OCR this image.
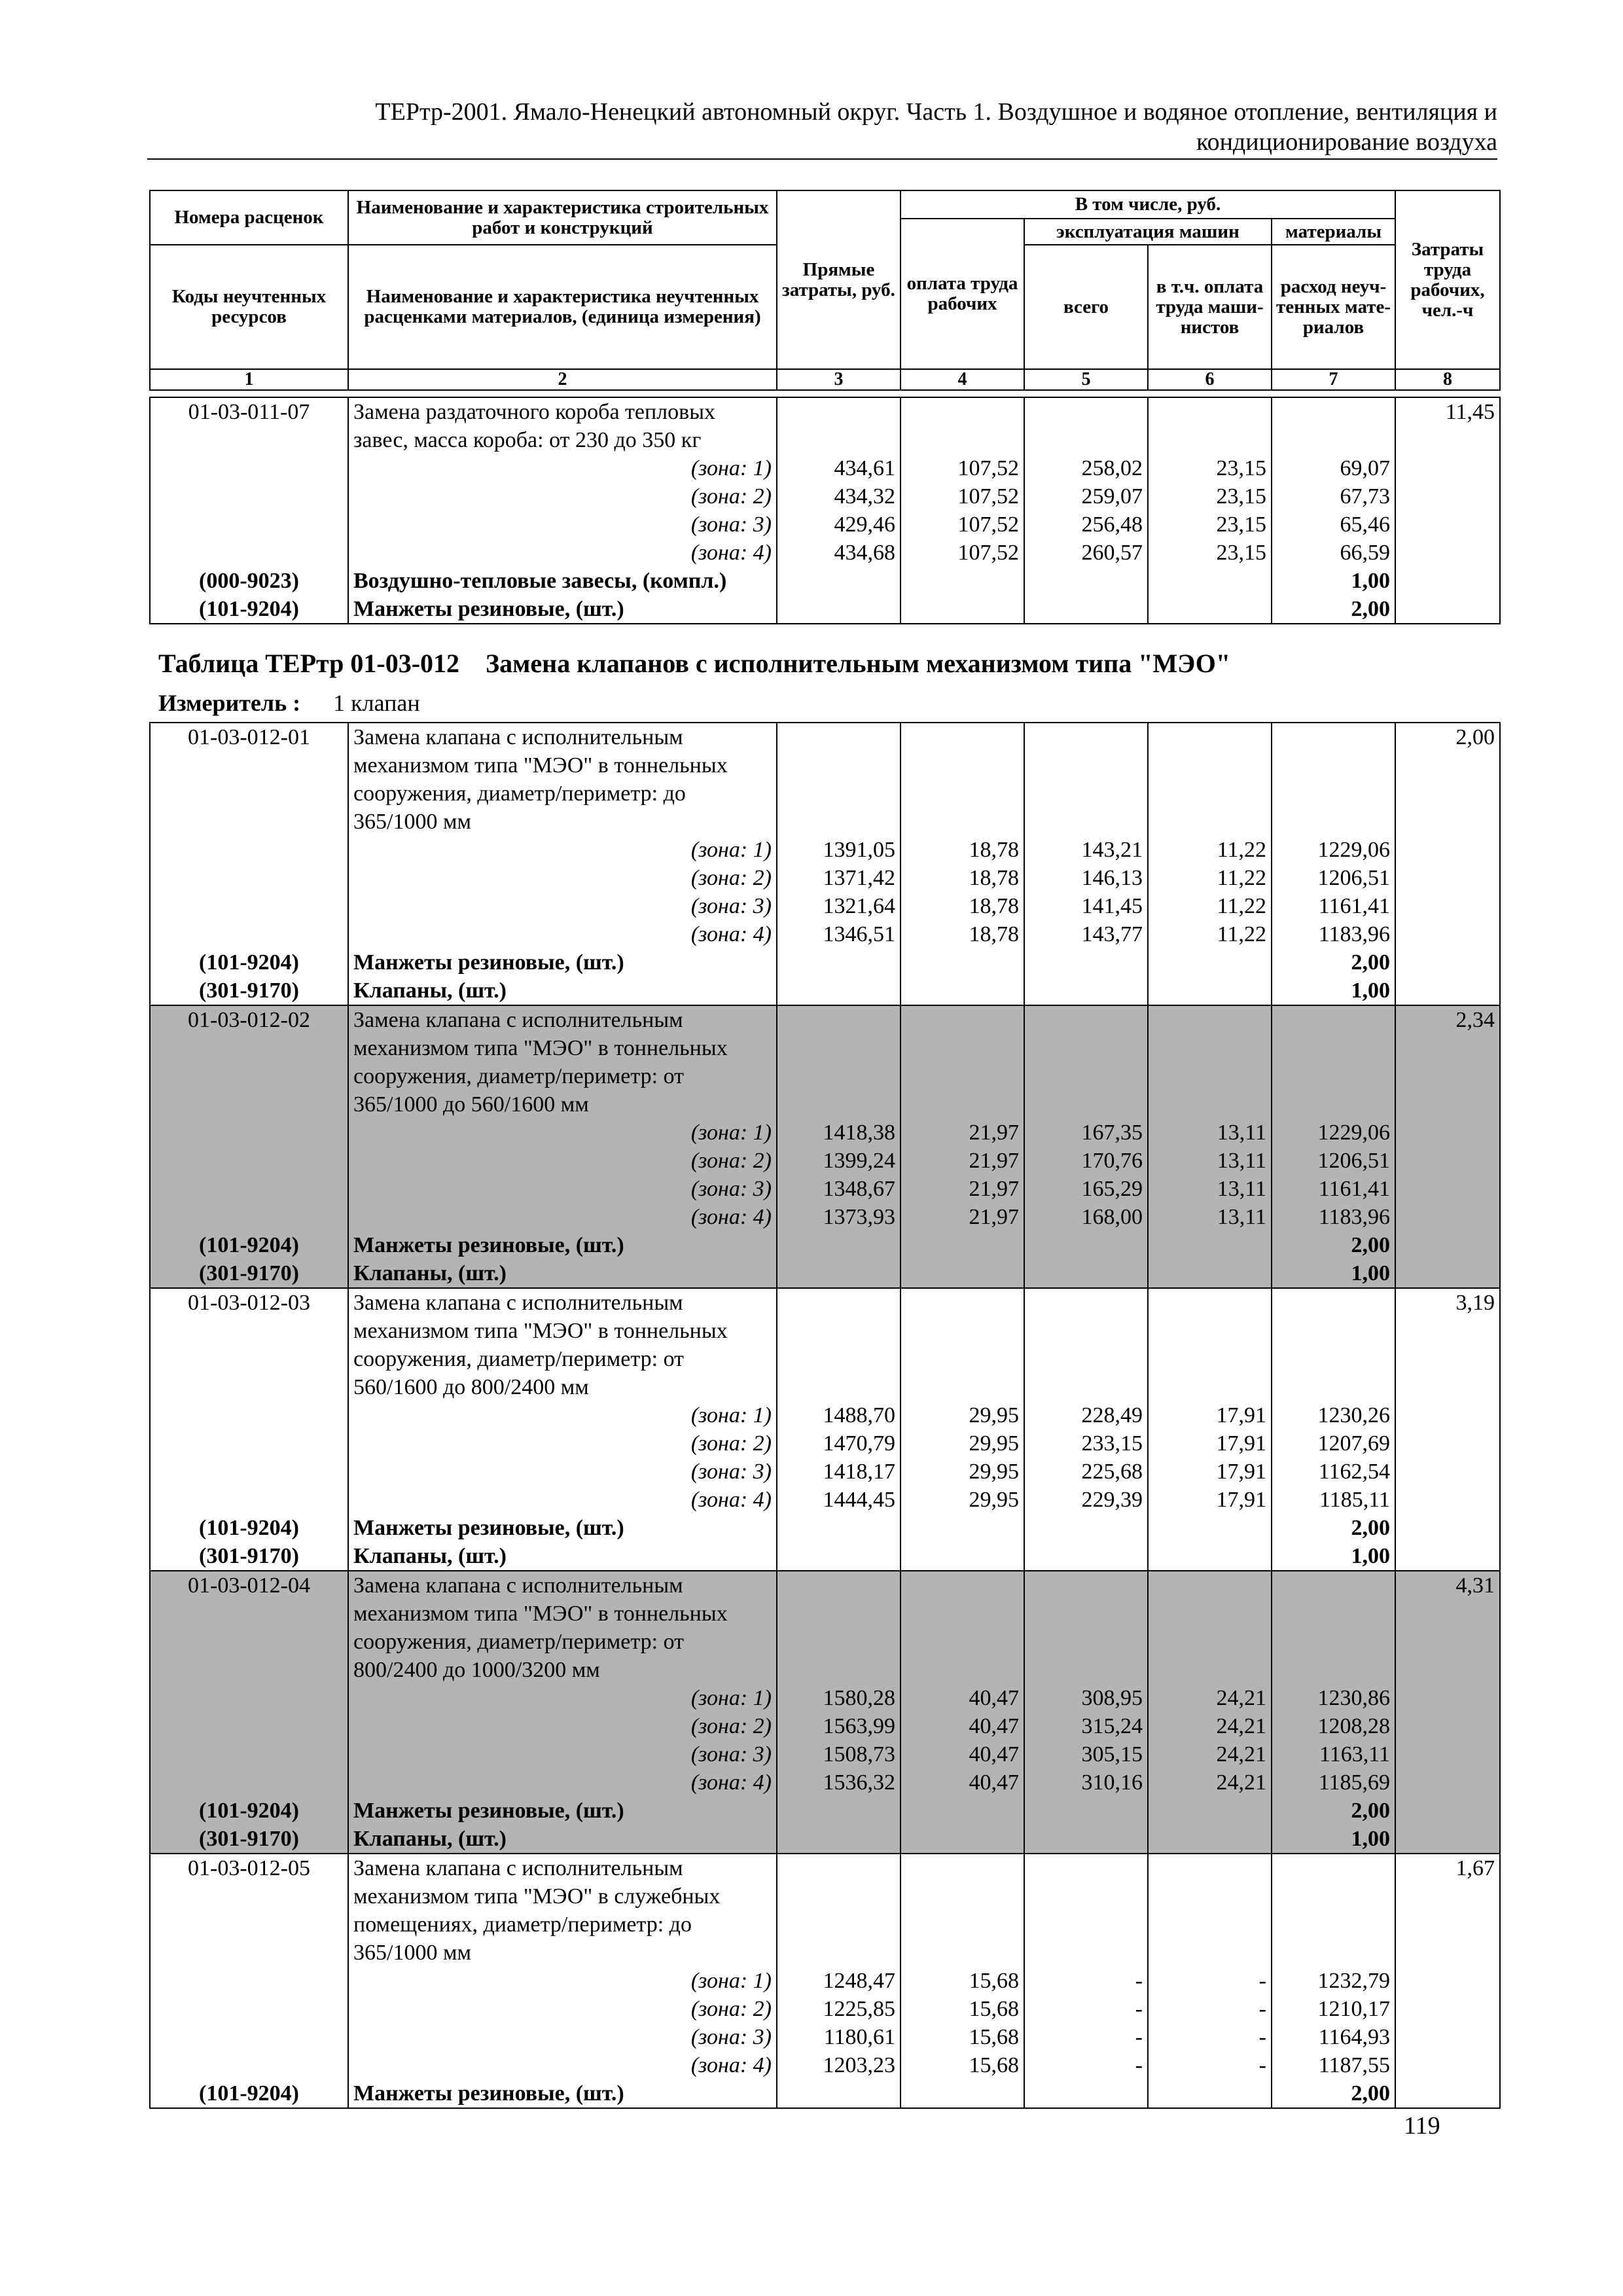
ТЕРтр-2001. Ямало-Ненецкий автономный округ. Часть 1. Воздушное и водяное отопление, вентиляция и
кондиционирование воздуха
Номера расценок	Наименование и характеристика строительных работ и конструкций	Прямые затраты, руб.	В том числе, руб.				Затраты труда рабочих, чел.-ч
			оплата труда рабочих	эксплуатация машин		материалы	
Коды неучтенных ресурсов	Наименование и характеристика неучтенных расценками материалов, (единица измерения)			всего	в т.ч. оплата труда маши-нистов	расход неуч-тенных мате-риалов	

1	2	3	4	5	6	7	8
01-03-011-07	Замена раздаточного короба тепловых завес, масса короба: от 230 до 350 кг						11,45
	(зона: 1)	434,61	107,52	258,02	23,15	69,07	
	(зона: 2)	434,32	107,52	259,07	23,15	67,73	
	(зона: 3)	429,46	107,52	256,48	23,15	65,46	
	(зона: 4)	434,68	107,52	260,57	23,15	66,59	
(000-9023)	Воздушно-тепловые завесы, (компл.)					1,00	
(101-9204)	Манжеты резиновые, (шт.)					2,00	
Таблица ТЕРтр 01-03-012 Замена клапанов с исполнительным механизмом типа "МЭО"
Измеритель : 1 клапан
01-03-012-01	Замена клапана с исполнительным механизмом типа "МЭО" в тоннельных сооружения, диаметр/периметр: до 365/1000 мм						2,00
	(зона: 1)	1391,05	18,78	143,21	11,22	1229,06	
	(зона: 2)	1371,42	18,78	146,13	11,22	1206,51	
	(зона: 3)	1321,64	18,78	141,45	11,22	1161,41	
	(зона: 4)	1346,51	18,78	143,77	11,22	1183,96	
(101-9204)	Манжеты резиновые, (шт.)					2,00	
(301-9170)	Клапаны, (шт.)					1,00	
01-03-012-02	Замена клапана с исполнительным механизмом типа "МЭО" в тоннельных сооружения, диаметр/периметр: от 365/1000 до 560/1600 мм						2,34
	(зона: 1)	1418,38	21,97	167,35	13,11	1229,06	
	(зона: 2)	1399,24	21,97	170,76	13,11	1206,51	
	(зона: 3)	1348,67	21,97	165,29	13,11	1161,41	
	(зона: 4)	1373,93	21,97	168,00	13,11	1183,96	
(101-9204)	Манжеты резиновые, (шт.)					2,00	
(301-9170)	Клапаны, (шт.)					1,00	
01-03-012-03	Замена клапана с исполнительным механизмом типа "МЭО" в тоннельных сооружения, диаметр/периметр: от 560/1600 до 800/2400 мм						3,19
	(зона: 1)	1488,70	29,95	228,49	17,91	1230,26	
	(зона: 2)	1470,79	29,95	233,15	17,91	1207,69	
	(зона: 3)	1418,17	29,95	225,68	17,91	1162,54	
	(зона: 4)	1444,45	29,95	229,39	17,91	1185,11	
(101-9204)	Манжеты резиновые, (шт.)					2,00	
(301-9170)	Клапаны, (шт.)					1,00	
01-03-012-04	Замена клапана с исполнительным механизмом типа "МЭО" в тоннельных сооружения, диаметр/периметр: от 800/2400 до 1000/3200 мм						4,31
	(зона: 1)	1580,28	40,47	308,95	24,21	1230,86	
	(зона: 2)	1563,99	40,47	315,24	24,21	1208,28	
	(зона: 3)	1508,73	40,47	305,15	24,21	1163,11	
	(зона: 4)	1536,32	40,47	310,16	24,21	1185,69	
(101-9204)	Манжеты резиновые, (шт.)					2,00	
(301-9170)	Клапаны, (шт.)					1,00	
01-03-012-05	Замена клапана с исполнительным механизмом типа "МЭО" в служебных помещениях, диаметр/периметр: до 365/1000 мм						1,67
	(зона: 1)	1248,47	15,68	-	-	1232,79	
	(зона: 2)	1225,85	15,68	-	-	1210,17	
	(зона: 3)	1180,61	15,68	-	-	1164,93	
	(зона: 4)	1203,23	15,68	-	-	1187,55	
(101-9204)	Манжеты резиновые, (шт.)					2,00	
119
